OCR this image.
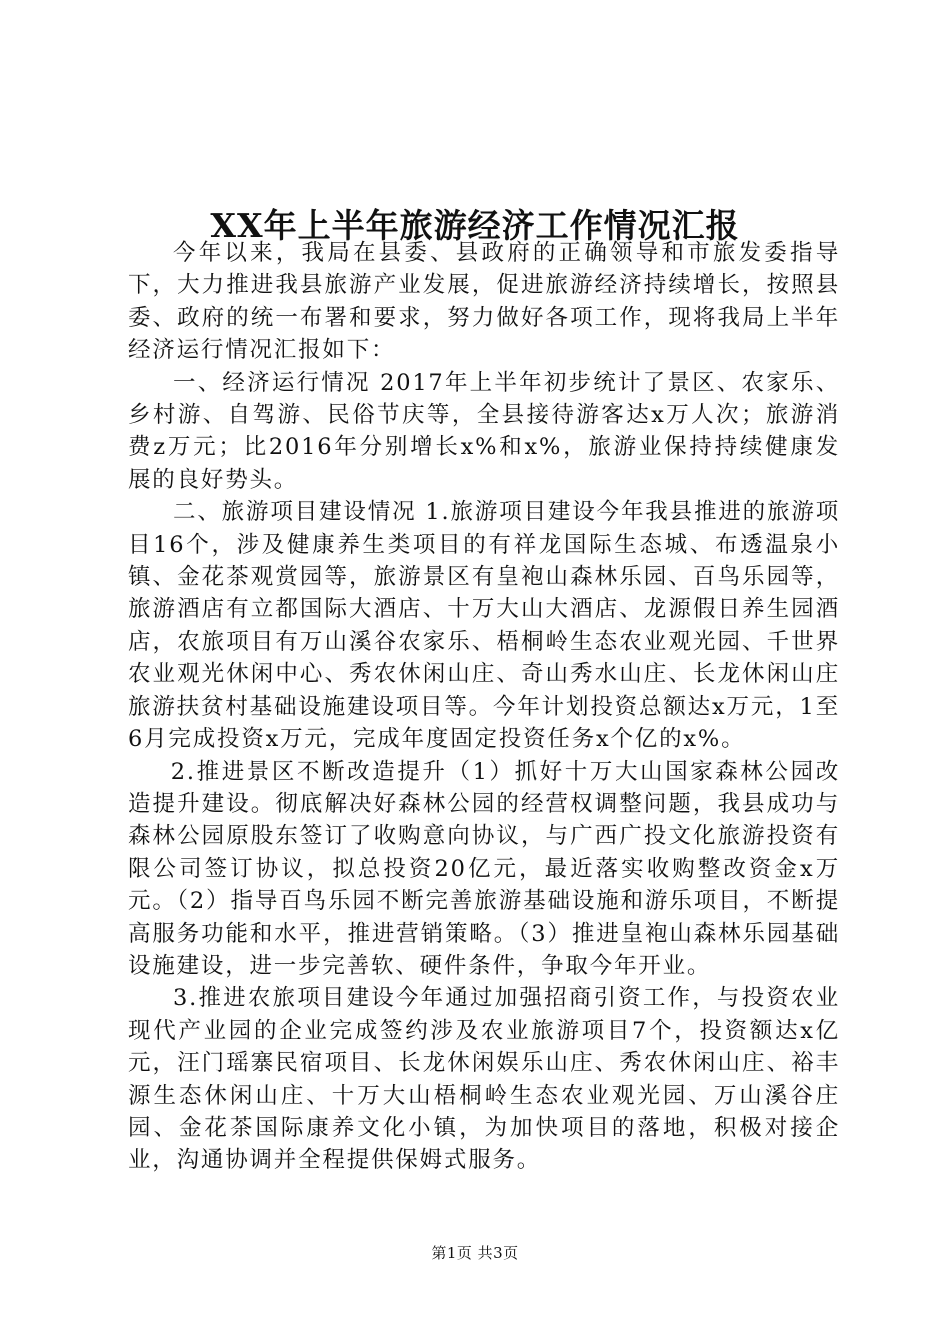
XX年上半年旅游经济工作情况汇报

今年以来，我局在县委、县政府的正确领导和市旅发委指导下，大力推进我县旅游产业发展，促进旅游经济持续增长，按照县委、政府的统一布署和要求，努力做好各项工作，现将我局上半年经济运行情况汇报如下：

一、经济运行情况 2017年上半年初步统计了景区、农家乐、乡村游、自驾游、民俗节庆等，全县接待游客达x万人次；旅游消费z万元；比2016年分别增长x%和x%，旅游业保持持续健康发展的良好势头。

二、旅游项目建设情况 1.旅游项目建设今年我县推进的旅游项目16个，涉及健康养生类项目的有祥龙国际生态城、布透温泉小镇、金花茶观赏园等，旅游景区有皇袍山森林乐园、百鸟乐园等，旅游酒店有立都国际大酒店、十万大山大酒店、龙源假日养生园酒店，农旅项目有万山溪谷农家乐、梧桐岭生态农业观光园、千世界农业观光休闲中心、秀农休闲山庄、奇山秀水山庄、长龙休闲山庄旅游扶贫村基础设施建设项目等。今年计划投资总额达x万元，1至6月完成投资x万元，完成年度固定投资任务x个亿的x%。

2.推进景区不断改造提升（1）抓好十万大山国家森林公园改造提升建设。彻底解决好森林公园的经营权调整问题，我县成功与森林公园原股东签订了收购意向协议，与广西广投文化旅游投资有限公司签订协议，拟总投资20亿元，最近落实收购整改资金x万元。（2）指导百鸟乐园不断完善旅游基础设施和游乐项目，不断提高服务功能和水平，推进营销策略。（3）推进皇袍山森林乐园基础设施建设，进一步完善软、硬件条件，争取今年开业。

3.推进农旅项目建设今年通过加强招商引资工作，与投资农业现代产业园的企业完成签约涉及农业旅游项目7个，投资额达x亿元，汪门瑶寨民宿项目、长龙休闲娱乐山庄、秀农休闲山庄、裕丰源生态休闲山庄、十万大山梧桐岭生态农业观光园、万山溪谷庄园、金花茶国际康养文化小镇，为加快项目的落地，积极对接企业，沟通协调并全程提供保姆式服务。

第1页 共3页
